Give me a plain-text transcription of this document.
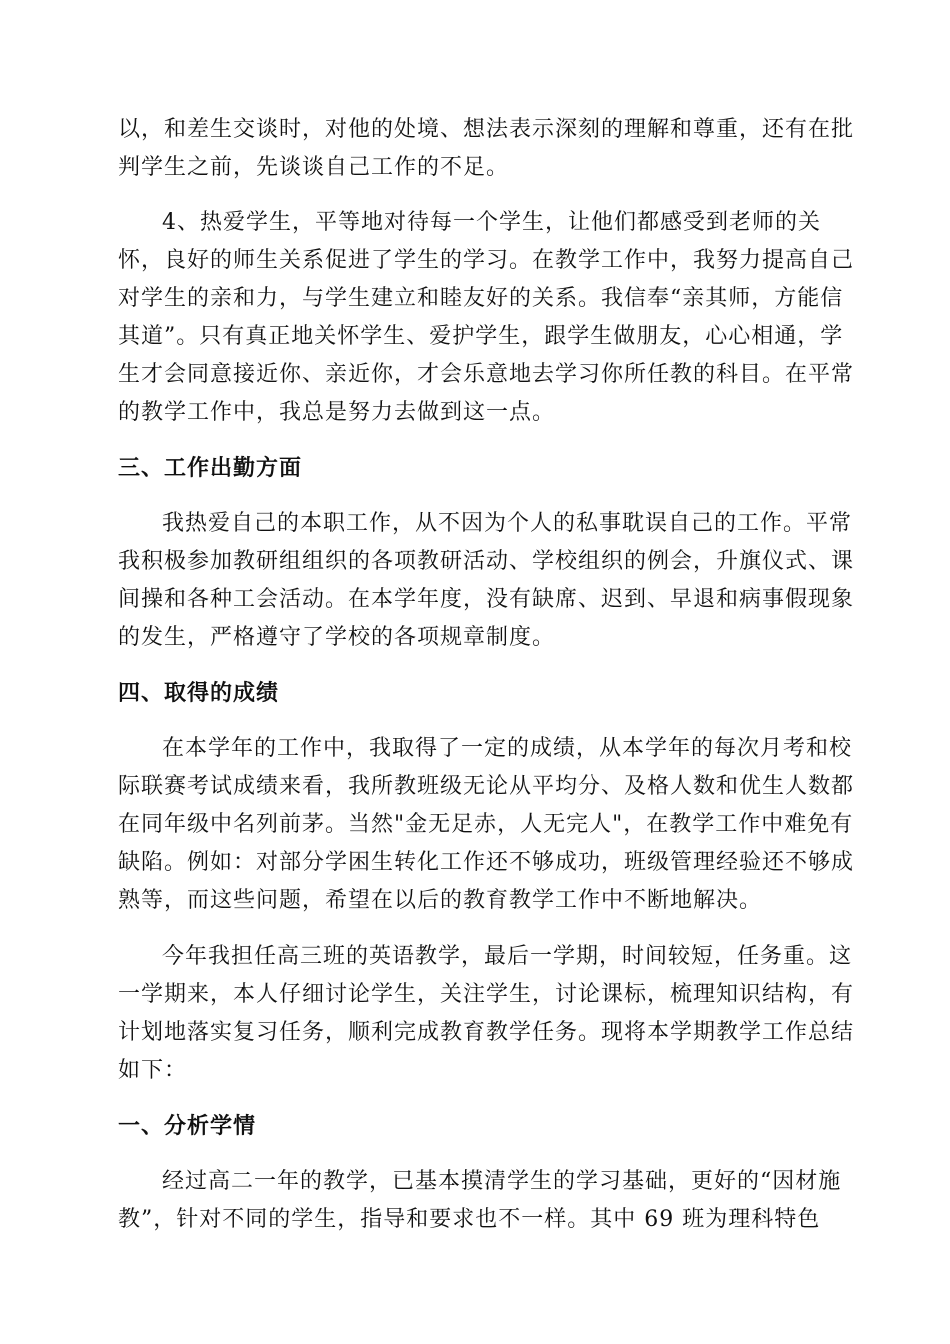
以，和差生交谈时，对他的处境、想法表示深刻的理解和尊重，还有在批
判学生之前，先谈谈自己工作的不足。
4、热爱学生，平等地对待每一个学生，让他们都感受到老师的关
怀，良好的师生关系促进了学生的学习。在教学工作中，我努力提高自己
对学生的亲和力，与学生建立和睦友好的关系。我信奉“亲其师，方能信
其道”。只有真正地关怀学生、爱护学生，跟学生做朋友，心心相通，学
生才会同意接近你、亲近你，才会乐意地去学习你所任教的科目。在平常
的教学工作中，我总是努力去做到这一点。
三、工作出勤方面
我热爱自己的本职工作，从不因为个人的私事耽误自己的工作。平常
我积极参加教研组组织的各项教研活动、学校组织的例会，升旗仪式、课
间操和各种工会活动。在本学年度，没有缺席、迟到、早退和病事假现象
的发生，严格遵守了学校的各项规章制度。
四、取得的成绩
在本学年的工作中，我取得了一定的成绩，从本学年的每次月考和校
际联赛考试成绩来看，我所教班级无论从平均分、及格人数和优生人数都
在同年级中名列前茅。当然"金无足赤，人无完人"，在教学工作中难免有
缺陷。例如：对部分学困生转化工作还不够成功，班级管理经验还不够成
熟等，而这些问题，希望在以后的教育教学工作中不断地解决。
今年我担任高三班的英语教学，最后一学期，时间较短，任务重。这
一学期来，本人仔细讨论学生，关注学生，讨论课标，梳理知识结构，有
计划地落实复习任务，顺利完成教育教学任务。现将本学期教学工作总结
如下：
一、分析学情
经过高二一年的教学，已基本摸清学生的学习基础，更好的“因材施
教”，针对不同的学生，指导和要求也不一样。其中 69 班为理科特色
